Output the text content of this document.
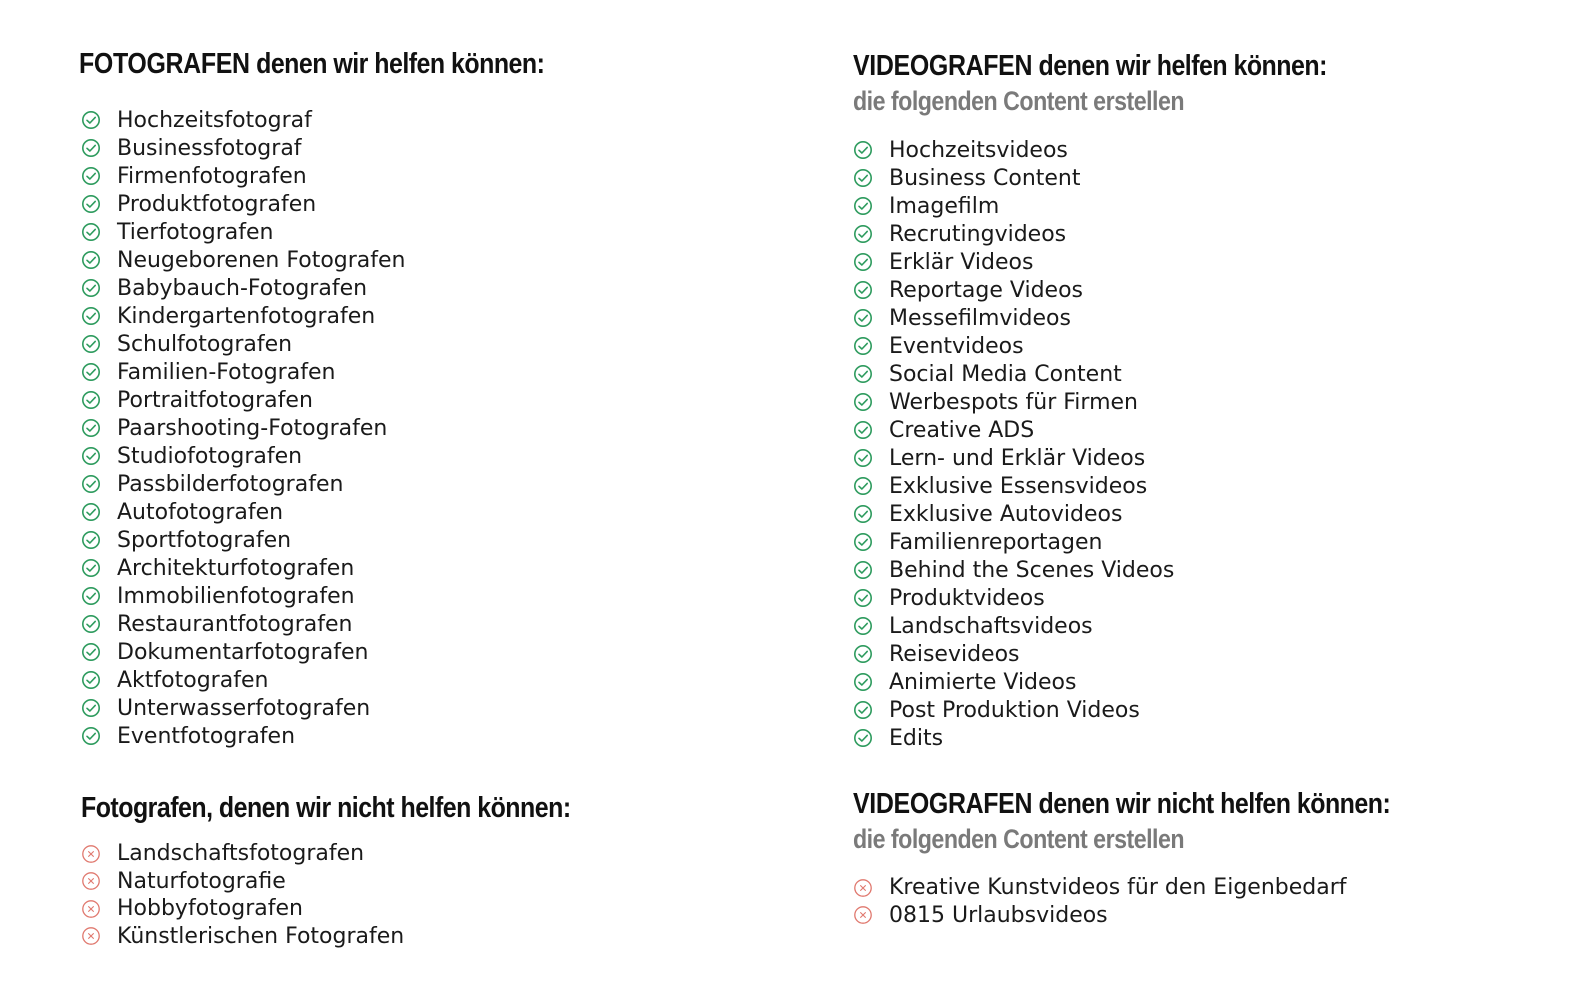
FOTOGRAFEN denen wir helfen können:
Hochzeitsfotograf
Businessfotograf
Firmenfotografen
Produktfotografen
Tierfotografen
Neugeborenen Fotografen
Babybauch-Fotografen
Kindergartenfotografen
Schulfotografen
Familien-Fotografen
Portraitfotografen
Paarshooting-Fotografen
Studiofotografen
Passbilderfotografen
Autofotografen
Sportfotografen
Architekturfotografen
Immobilienfotografen
Restaurantfotografen
Dokumentarfotografen
Aktfotografen
Unterwasserfotografen
Eventfotografen
VIDEOGRAFEN denen wir helfen können:
die folgenden Content erstellen
Hochzeitsvideos
Business Content
Imagefilm
Recrutingvideos
Erklär Videos
Reportage Videos
Messefilmvideos
Eventvideos
Social Media Content
Werbespots für Firmen
Creative ADS
Lern- und Erklär Videos
Exklusive Essensvideos
Exklusive Autovideos
Familienreportagen
Behind the Scenes Videos
Produktvideos
Landschaftsvideos
Reisevideos
Animierte Videos
Post Produktion Videos
Edits
Fotografen, denen wir nicht helfen können:
Landschaftsfotografen
Naturfotografie
Hobbyfotografen
Künstlerischen Fotografen
VIDEOGRAFEN denen wir nicht helfen können:
die folgenden Content erstellen
Kreative Kunstvideos für den Eigenbedarf
0815 Urlaubsvideos
